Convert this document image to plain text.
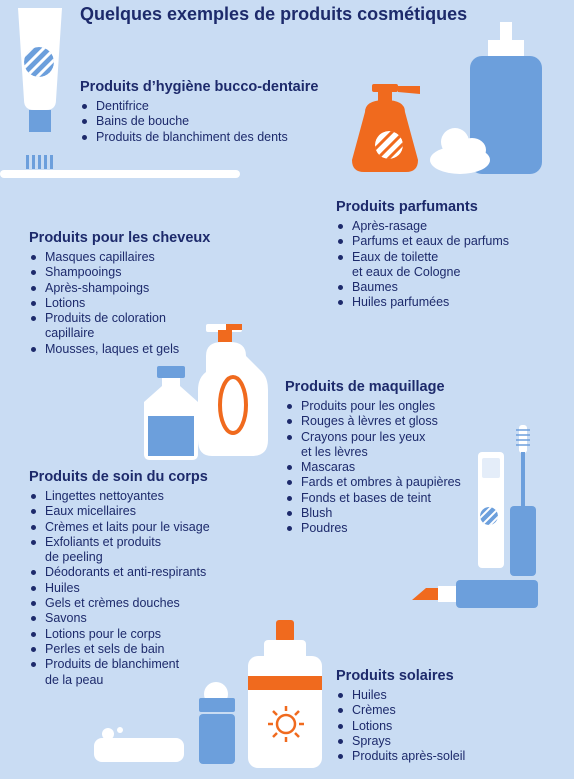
Quelques exemples de produits cosmétiques
Produits d’hygiène bucco-dentaire
Dentifrice
Bains de bouche
Produits de blanchiment des dents
Produits parfumants
Après-rasage
Parfums et eaux de parfums
Eaux de toilette
et eaux de Cologne
Baumes
Huiles parfumées
Produits pour les cheveux
Masques capillaires
Shampooings
Après-shampoings
Lotions
Produits de coloration
capillaire
Mousses, laques et gels
Produits de maquillage
Produits pour les ongles
Rouges à lèvres et gloss
Crayons pour les yeux
et les lèvres
Mascaras
Fards et ombres à paupières
Fonds et bases de teint
Blush
Poudres
Produits de soin du corps
Lingettes nettoyantes
Eaux micellaires
Crèmes et laits pour le visage
Exfoliants et produits
de peeling
Déodorants et anti-respirants
Huiles
Gels et crèmes douches
Savons
Lotions pour le corps
Perles et sels de bain
Produits de blanchiment
de la peau	Produits solaires
Huiles
Crèmes
Lotions
Sprays
Produits après-soleil
